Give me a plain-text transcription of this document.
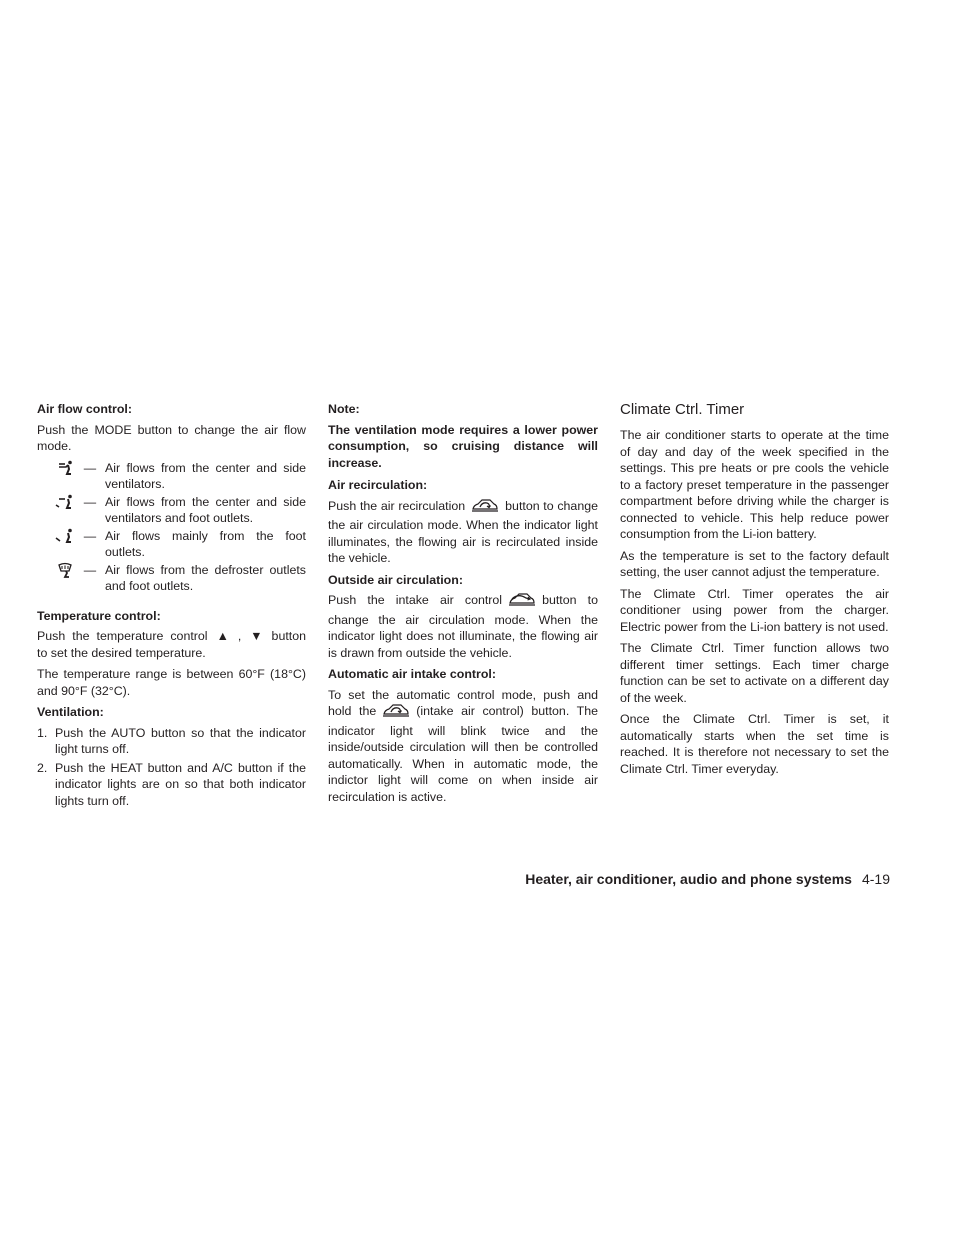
Air flow control:
Push the MODE button to change the air flow mode.
— Air flows from the center and side ventilators.
— Air flows from the center and side ventilators and foot outlets.
— Air flows mainly from the foot outlets.
— Air flows from the defroster outlets and foot outlets.
Temperature control:
Push the temperature control ▲ , ▼ button to set the desired temperature.
The temperature range is between 60°F (18°C) and 90°F (32°C).
Ventilation:
1. Push the AUTO button so that the indicator light turns off.
2. Push the HEAT button and A/C button if the indicator lights are on so that both indicator lights turn off.
Note:
The ventilation mode requires a lower power consumption, so cruising distance will increase.
Air recirculation:
Push the air recirculation	button to change the air circulation mode. When the indicator light illuminates, the flowing air is recirculated inside the vehicle.
Outside air circulation:
Push the intake air control	button to change the air circulation mode. When the indicator light does not illuminate, the flowing air is drawn from outside the vehicle.
Automatic air intake control:
To set the automatic control mode, push and hold the	(intake air control) button. The indicator light will blink twice and the inside/outside circulation will then be controlled automatically. When in automatic mode, the indictor light will come on when inside air recirculation is active.
Climate Ctrl. Timer
The air conditioner starts to operate at the time of day and day of the week specified in the settings. This pre heats or pre cools the vehicle to a factory preset temperature in the passenger compartment before driving while the charger is connected to vehicle. This help reduce power consumption from the Li-ion battery.
As the temperature is set to the factory default setting, the user cannot adjust the temperature.
The Climate Ctrl. Timer operates the air conditioner using power from the charger. Electric power from the Li-ion battery is not used.
The Climate Ctrl. Timer function allows two different timer settings. Each timer charge function can be set to activate on a different day of the week.
Once the Climate Ctrl. Timer is set, it automatically starts when the set time is reached. It is therefore not necessary to set the Climate Ctrl. Timer everyday.
Heater, air conditioner, audio and phone systems 4-19
